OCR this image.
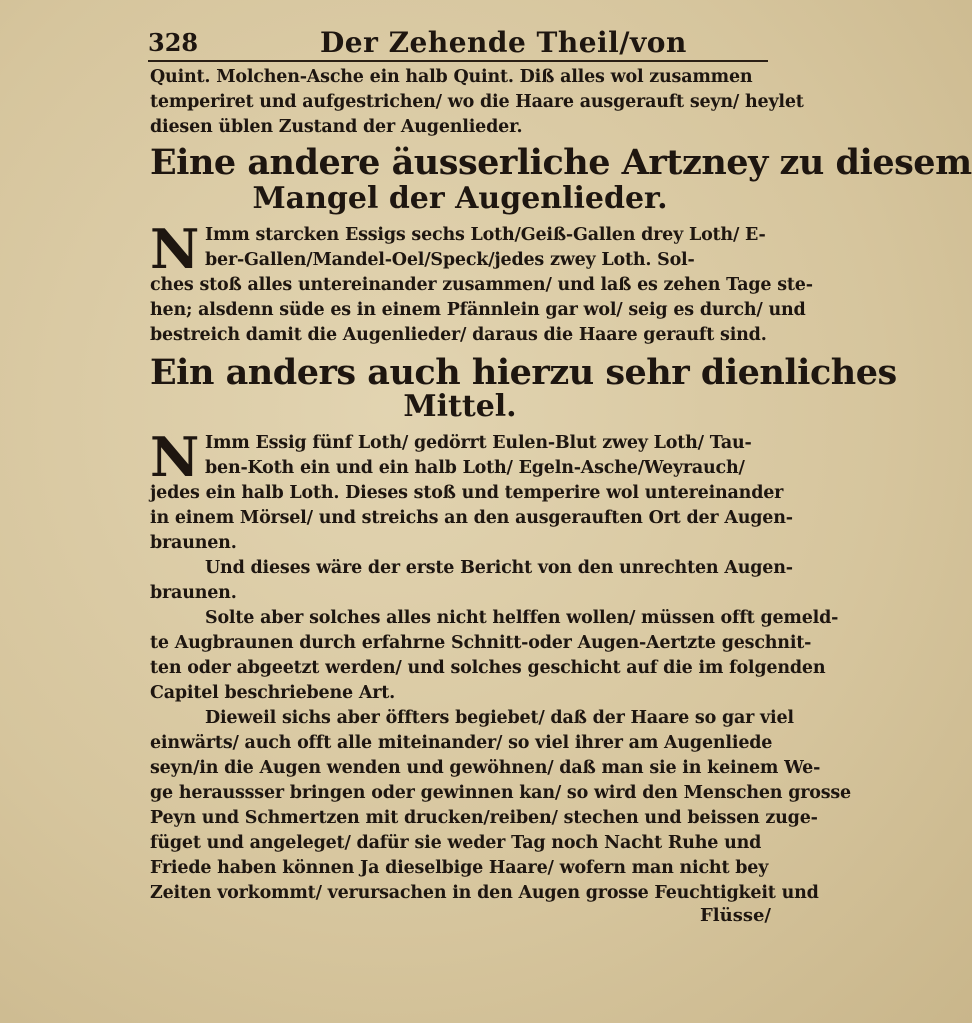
328	Der Zehende Theil/von
Quint. Molchen-Asche ein halb Quint. Diß alles wol zusammen
temperiret und aufgestrichen/ wo die Haare ausgerauft seyn/ heylet
diesen üblen Zustand der Augenlieder.
Eine andere äusserliche Artzney zu diesem
Mangel der Augenlieder.
N Imm starcken Essigs sechs Loth/Geiß-Gallen drey Loth/ E-
ber-Gallen/Mandel-Oel/Speck/jedes zwey Loth. Sol-
ches stoß alles untereinander zusammen/ und laß es zehen Tage ste-
hen; alsdenn süde es in einem Pfännlein gar wol/ seig es durch/ und
bestreich damit die Augenlieder/ daraus die Haare gerauft sind.
Ein anders auch hierzu sehr dienliches
Mittel.
N Imm Essig fünf Loth/ gedörrt Eulen-Blut zwey Loth/ Tau-
ben-Koth ein und ein halb Loth/ Egeln-Asche/Weyrauch/
jedes ein halb Loth. Dieses stoß und temperire wol untereinander
in einem Mörsel/ und streichs an den ausgerauften Ort der Augen-
braunen.
Und dieses wäre der erste Bericht von den unrechten Augen-
braunen.
Solte aber solches alles nicht helffen wollen/ müssen offt gemeld-
te Augbraunen durch erfahrne Schnitt-oder Augen-Aertzte geschnit-
ten oder abgeetzt werden/ und solches geschicht auf die im folgenden
Capitel beschriebene Art.
Dieweil sichs aber öffters begiebet/ daß der Haare so gar viel
einwärts/ auch offt alle miteinander/ so viel ihrer am Augenliede
seyn/in die Augen wenden und gewöhnen/ daß man sie in keinem We-
ge heraussser bringen oder gewinnen kan/ so wird den Menschen grosse
Peyn und Schmertzen mit drucken/reiben/ stechen und beissen zuge-
füget und angeleget/ dafür sie weder Tag noch Nacht Ruhe und
Friede haben können Ja dieselbige Haare/ wofern man nicht bey
Zeiten vorkommt/ verursachen in den Augen grosse Feuchtigkeit und
Flüsse/
